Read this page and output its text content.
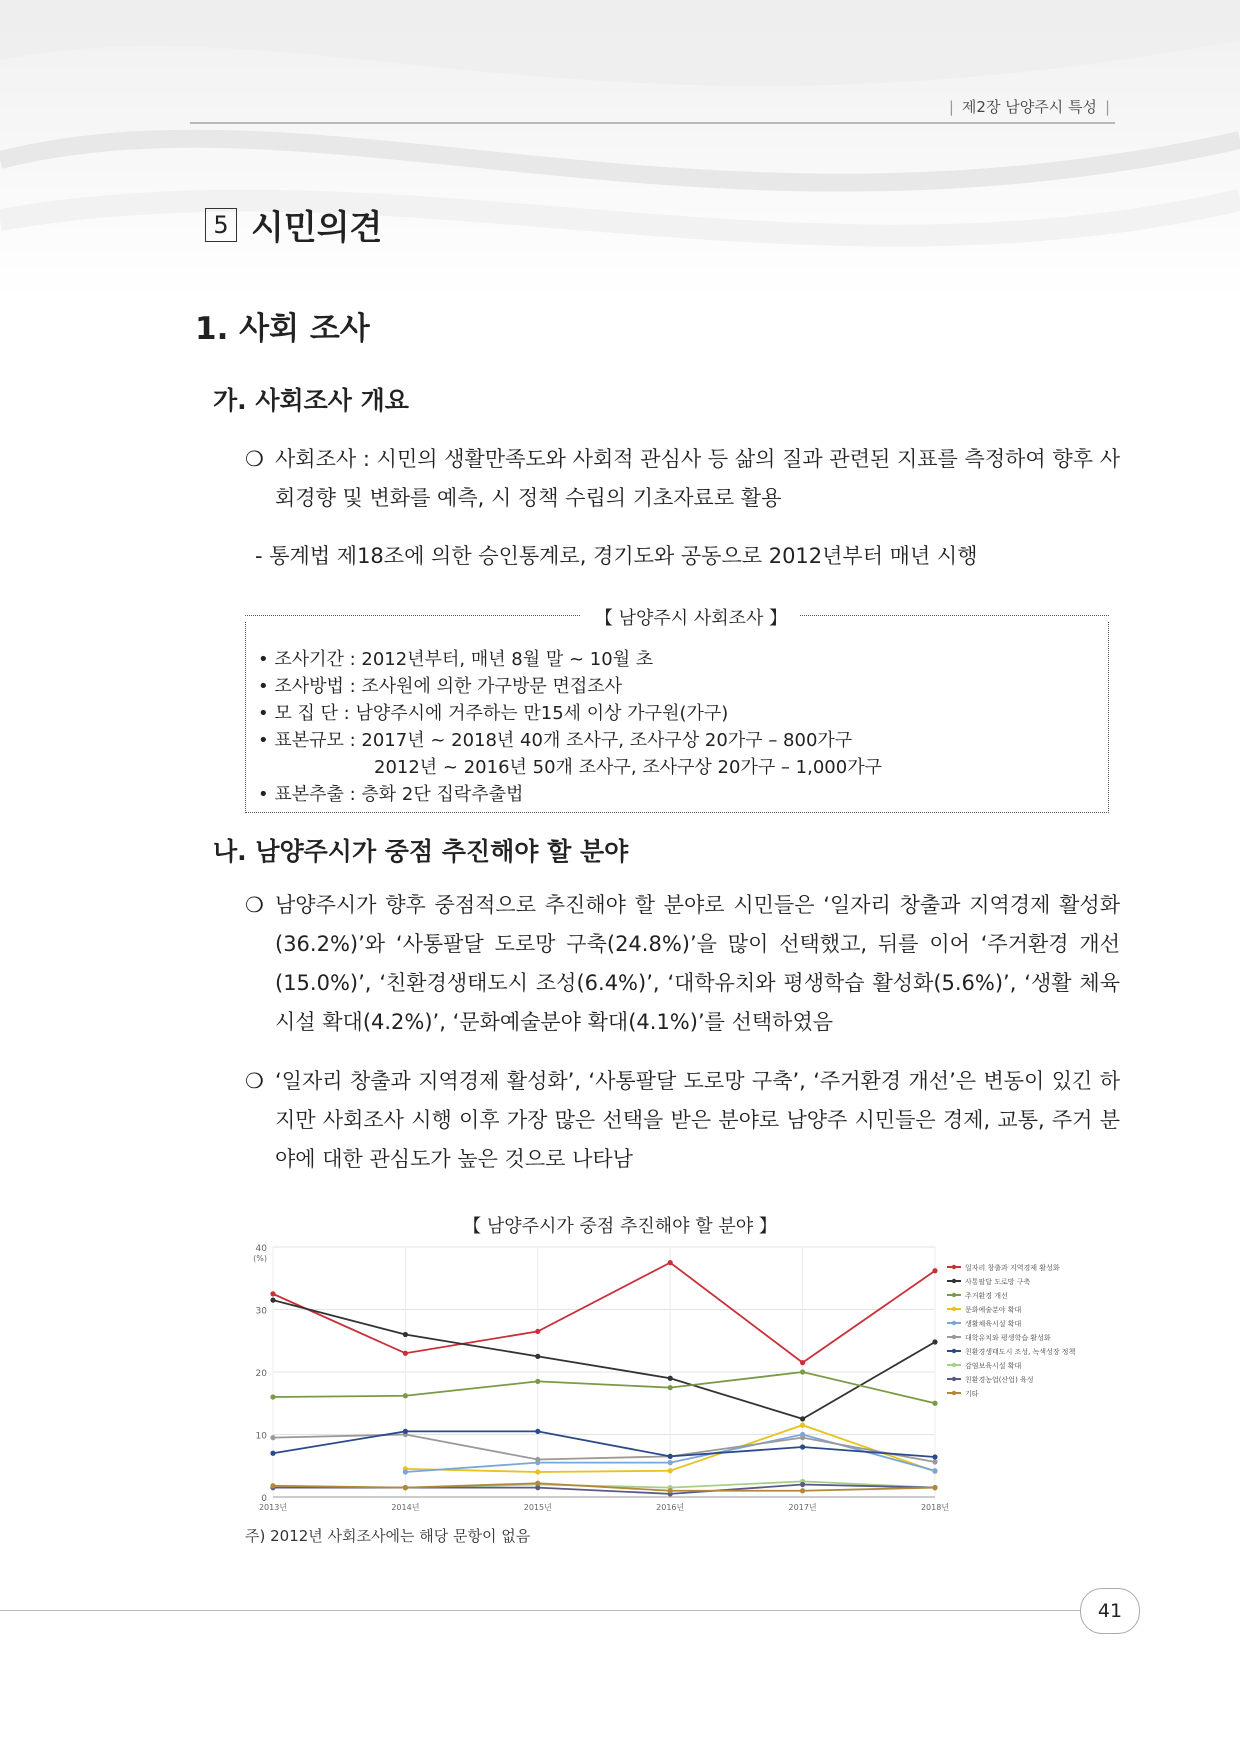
| 제2장 남양주시 특성 |
5 시민의견
1. 사회 조사
가. 사회조사 개요
❍ 사회조사 : 시민의 생활만족도와 사회적 관심사 등 삶의 질과 관련된 지표를 측정하여 향후 사회경향 및 변화를 예측, 시 정책 수립의 기초자료로 활용
- 통계법 제18조에 의한 승인통계로, 경기도와 공동으로 2012년부터 매년 시행
【 남양주시 사회조사 】
• 조사기간 : 2012년부터, 매년 8월 말 ~ 10월 초
• 조사방법 : 조사원에 의한 가구방문 면접조사
• 모 집 단 : 남양주시에 거주하는 만15세 이상 가구원(가구)
• 표본규모 : 2017년 ~ 2018년 40개 조사구, 조사구상 20가구 – 800가구
2012년 ~ 2016년 50개 조사구, 조사구상 20가구 – 1,000가구
• 표본추출 : 층화 2단 집락추출법
나. 남양주시가 중점 추진해야 할 분야
❍ 남양주시가 향후 중점적으로 추진해야 할 분야로 시민들은 ‘일자리 창출과 지역경제 활성화(36.2%)’와 ‘사통팔달 도로망 구축(24.8%)’을 많이 선택했고, 뒤를 이어 ‘주거환경 개선(15.0%)’, ‘친환경생태도시 조성(6.4%)’, ‘대학유치와 평생학습 활성화(5.6%)’, ‘생활 체육시설 확대(4.2%)’, ‘문화예술분야 확대(4.1%)’를 선택하였음
❍ ‘일자리 창출과 지역경제 활성화’, ‘사통팔달 도로망 구축’, ‘주거환경 개선’은 변동이 있긴 하지만 사회조사 시행 이후 가장 많은 선택을 받은 분야로 남양주 시민들은 경제, 교통, 주거 분야에 대한 관심도가 높은 것으로 나타남
【 남양주시가 중점 추진해야 할 분야 】
0
10
20
30
40
(%)
2013년	2014년	2015년	2016년	2017년	2018년
일자리 창출과 지역경제 활성화
사통팔달 도로망 구축
주거환경 개선
문화예술분야 확대
생활체육시설 확대
대학유치와 평생학습 활성화
친환경생태도시 조성, 녹색성장 정책
감염보육시설 확대
친환경농업(산업) 육성
기타
주) 2012년 사회조사에는 해당 문항이 없음
41
